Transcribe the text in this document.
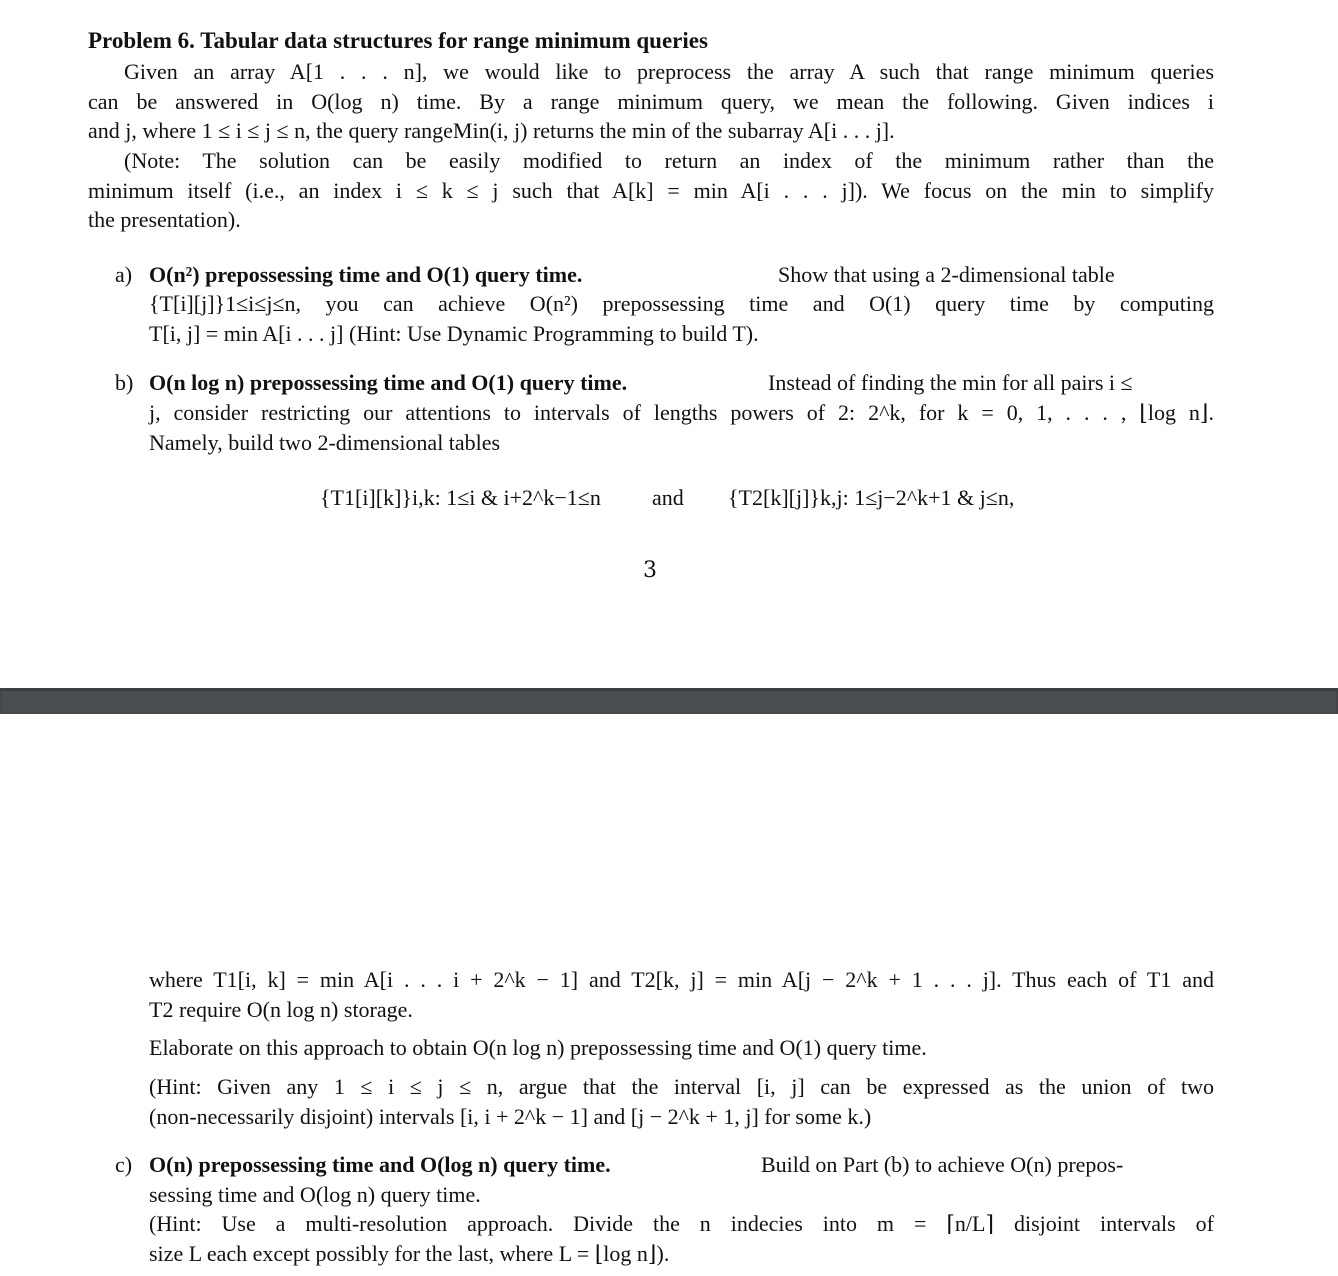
Problem 6. Tabular data structures for range minimum queries
Given an array A[1 . . . n], we would like to preprocess the array A such that range minimum queries
can be answered in O(log n) time. By a range minimum query, we mean the following. Given indices i
and j, where 1 ≤ i ≤ j ≤ n, the query rangeMin(i, j) returns the min of the subarray A[i . . . j].
(Note: The solution can be easily modified to return an index of the minimum rather than the
minimum itself (i.e., an index i ≤ k ≤ j such that A[k] = min A[i . . . j]). We focus on the min to simplify
the presentation).
a) O(n²) prepossessing time and O(1) query time.	Show that using a 2-dimensional table
{T[i][j]}1≤i≤j≤n, you can achieve O(n²) prepossessing time and O(1) query time by computing
T[i, j] = min A[i . . . j] (Hint: Use Dynamic Programming to build T).
b) O(n log n) prepossessing time and O(1) query time.	Instead of finding the min for all pairs i ≤
j, consider restricting our attentions to intervals of lengths powers of 2: 2^k, for k = 0, 1, . . . , ⌊log n⌋.
Namely, build two 2-dimensional tables
{T1[i][k]}i,k: 1≤i & i+2^k−1≤n and {T2[k][j]}k,j: 1≤j−2^k+1 & j≤n,
3
where T1[i, k] = min A[i . . . i + 2^k − 1] and T2[k, j] = min A[j − 2^k + 1 . . . j]. Thus each of T1 and
T2 require O(n log n) storage.
Elaborate on this approach to obtain O(n log n) prepossessing time and O(1) query time.
(Hint: Given any 1 ≤ i ≤ j ≤ n, argue that the interval [i, j] can be expressed as the union of two
(non-necessarily disjoint) intervals [i, i + 2^k − 1] and [j − 2^k + 1, j] for some k.)
c) O(n) prepossessing time and O(log n) query time.	Build on Part (b) to achieve O(n) prepos-
sessing time and O(log n) query time.
(Hint: Use a multi-resolution approach. Divide the n indecies into m = ⌈n/L⌉ disjoint intervals of
size L each except possibly for the last, where L = ⌊log n⌋).
